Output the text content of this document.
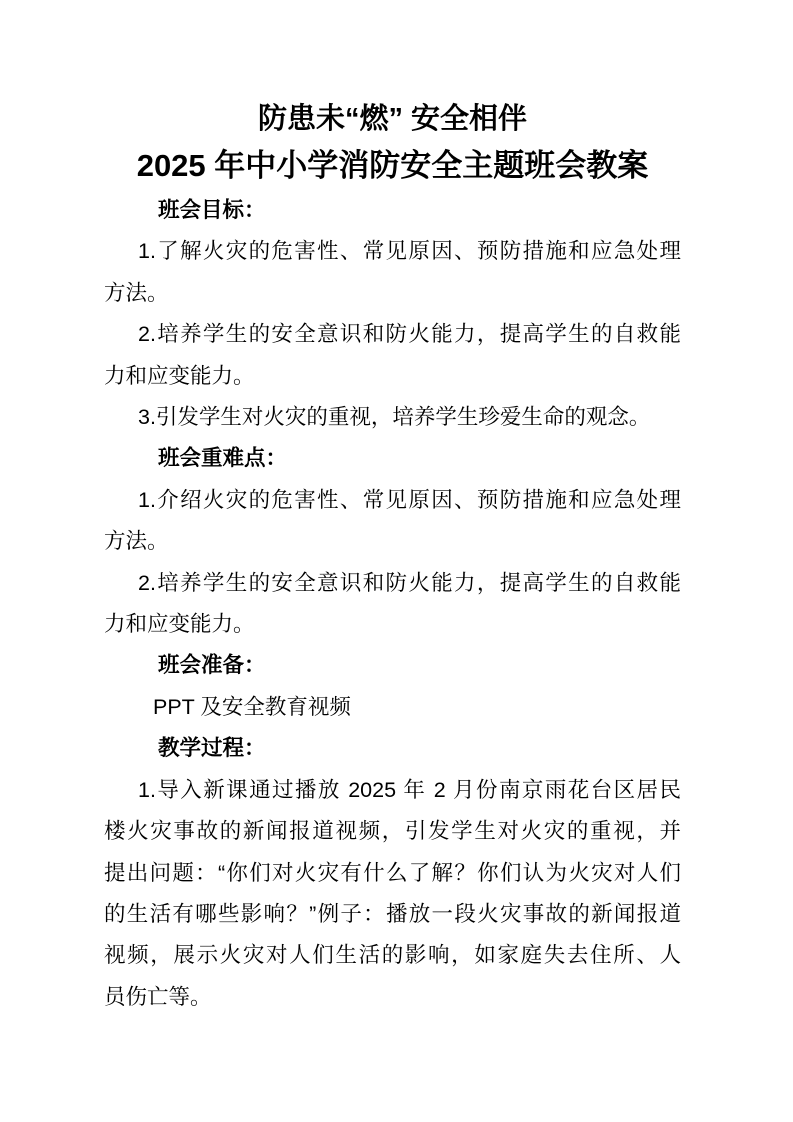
防患未“燃” 安全相伴
2025 年中小学消防安全主题班会教案
班会目标：
1.了解火灾的危害性、常见原因、预防措施和应急处理
方法。
2.培养学生的安全意识和防火能力，提高学生的自救能
力和应变能力。
3.引发学生对火灾的重视，培养学生珍爱生命的观念。
班会重难点：
1.介绍火灾的危害性、常见原因、预防措施和应急处理
方法。
2.培养学生的安全意识和防火能力，提高学生的自救能
力和应变能力。
班会准备：
PPT 及安全教育视频
教学过程：
1.导入新课通过播放 2025 年 2 月份南京雨花台区居民
楼火灾事故的新闻报道视频，引发学生对火灾的重视，并
提出问题：“你们对火灾有什么了解？你们认为火灾对人们
的生活有哪些影响？”例子：播放一段火灾事故的新闻报道
视频，展示火灾对人们生活的影响，如家庭失去住所、人
员伤亡等。
